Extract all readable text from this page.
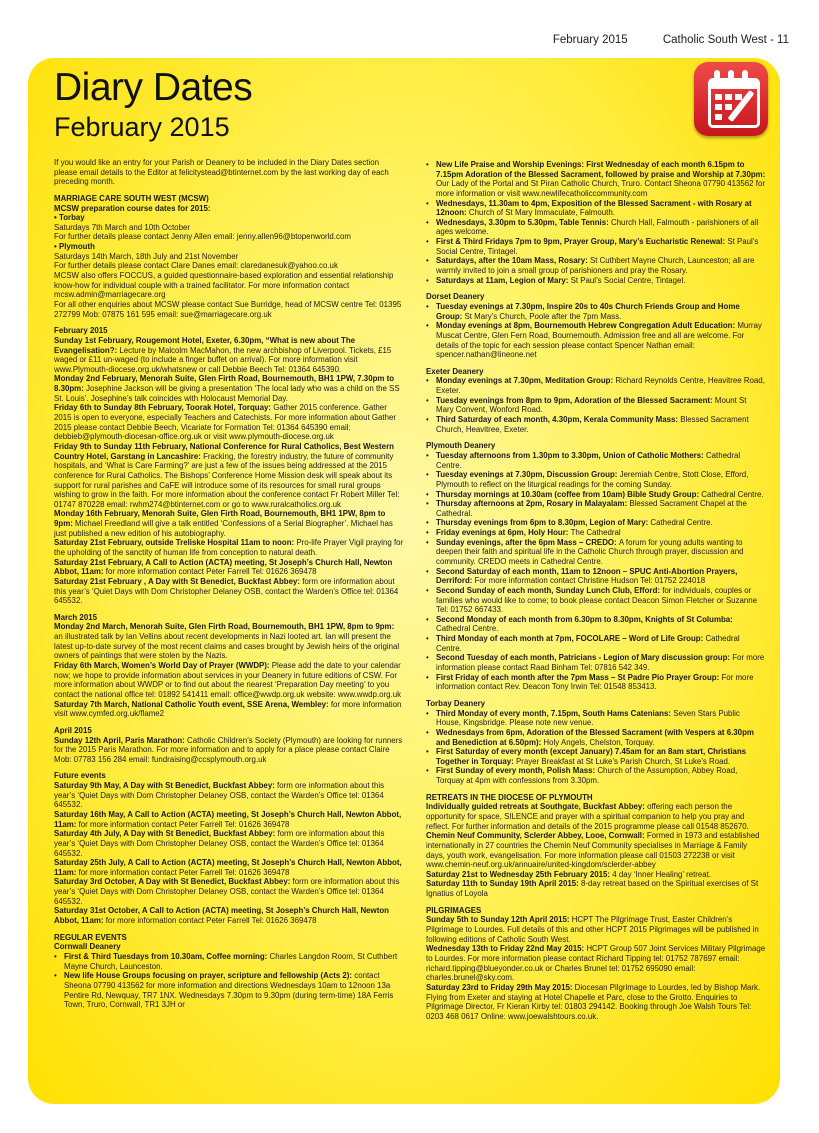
February 2015	Catholic South West - 11
Diary Dates
February 2015

If you would like an entry for your Parish or Deanery to be included in the Diary Dates section please email details to the Editor at felicitystead@btinternet.com by the last working day of each preceding month.

MARRIAGE CARE SOUTH WEST (MCSW)

MCSW preparation course dates for 2015:

• Torbay

Saturdays 7th March and 10th October

For further details please contact Jenny Allen email: jenny.allen96@btopenworld.com

• Plymouth

Saturdays 14th March, 18th July and 21st November

For further details please contact Clare Danes email: claredanesuk@yahoo.co.uk

MCSW also offers FOCCUS, a guided questionnaire-based exploration and essential relationship know-how for individual couple with a trained facilitator. For more information contact mcsw.admin@marriagecare.org

For all other enquiries about MCSW please contact Sue Burridge, head of MCSW centre Tel: 01395 272799 Mob: 07875 161 595 email: sue@marriagecare.org.uk

February 2015

Sunday 1st February, Rougemont Hotel, Exeter, 6.30pm, “What is new about The Evangelisation?: Lecture by Malcolm MacMahon, the new archbishop of Liverpool. Tickets, £15 waged or £11 un-waged (to include a finger buffet on arrival). For more information visit www.Plymouth-diocese.org.uk/whatsnew or call Debbie Beech Tel: 01364 645390.

Monday 2nd February, Menorah Suite, Glen Firth Road, Bournemouth, BH1 1PW, 7.30pm to 8.30pm: Josephine Jackson will be giving a presentation ‘The local lady who was a child on the SS St. Louis’. Josephine’s talk coincides with Holocaust Memorial Day.

Friday 6th to Sunday 8th February, Toorak Hotel, Torquay: Gather 2015 conference. Gather 2015 is open to everyone, especially Teachers and Catechists. For more information about Gather 2015 please contact Debbie Beech, Vicariate for Formation Tel: 01364 645390 email: debbieb@plymouth-diocesan-office.org.uk or visit www.plymouth-diocese.org.uk

Friday 9th to Sunday 11th February, National Conference for Rural Catholics, Best Western Country Hotel, Garstang in Lancashire: Fracking, the forestry industry, the future of community hospitals, and ‘What is Care Farming?’ are just a few of the issues being addressed at the 2015 conference for Rural Catholics. The Bishops’ Conference Home Mission desk will speak about its support for rural parishes and CaFE will introduce some of its resources for small rural groups wishing to grow in the faith. For more information about the conference contact Fr Robert Miller Tel: 01747 870228 email: rwhm274@btinternet.com or go to www.ruralcatholics.org.uk

Monday 16th February, Menorah Suite, Glen Firth Road, Bournemouth, BH1 1PW, 8pm to 9pm: Michael Freedland will give a talk entitled ‘Confessions of a Serial Biographer’. Michael has just published a new edition of his autobiography.

Saturday 21st February, outside Treliske Hospital 11am to noon: Pro-life Prayer Vigil praying for the upholding of the sanctity of human life from conception to natural death.

Saturday 21st February, A Call to Action (ACTA) meeting, St Joseph’s Church Hall, Newton Abbot, 11am: for more information contact Peter Farrell Tel: 01626 369478

Saturday 21st February , A Day with St Benedict, Buckfast Abbey: form ore information about this year’s ‘Quiet Days with Dom Christopher Delaney OSB, contact the Warden’s Office tel: 01364 645532.

March 2015

Monday 2nd March, Menorah Suite, Glen Firth Road, Bournemouth, BH1 1PW, 8pm to 9pm: an illustrated talk by Ian Vellins about recent developments in Nazi looted art. Ian will present the latest up-to-date survey of the most recent claims and cases brought by Jewish heirs of the original owners of paintings that were stolen by the Nazis.

Friday 6th March, Women’s World Day of Prayer (WWDP): Please add the date to your calendar now; we hope to provide information about services in your Deanery in future editions of CSW. For more information about WWDP or to find out about the nearest ‘Preparation Day meeting’ to you contact the national office tel: 01892 541411 email: office@wwdp.org.uk website: www.wwdp.org.uk

Saturday 7th March, National Catholic Youth event, SSE Arena, Wembley: for more information visit www.cymfed.org.uk/flame2

April 2015

Sunday 12th April, Paris Marathon: Catholic Children’s Society (Plymouth) are looking for runners for the 2015 Paris Marathon. For more information and to apply for a place please contact Claire Mob: 07783 156 284 email: fundraising@ccsplymouth.org.uk

Future events

Saturday 9th May, A Day with St Benedict, Buckfast Abbey: form ore information about this year’s ‘Quiet Days with Dom Christopher Delaney OSB, contact the Warden’s Office tel: 01364 645532.

Saturday 16th May, A Call to Action (ACTA) meeting, St Joseph’s Church Hall, Newton Abbot, 11am: for more information contact Peter Farrell Tel: 01626 369478

Saturday 4th July, A Day with St Benedict, Buckfast Abbey: form ore information about this year’s ‘Quiet Days with Dom Christopher Delaney OSB, contact the Warden’s Office tel: 01364 645532.

Saturday 25th July, A Call to Action (ACTA) meeting, St Joseph’s Church Hall, Newton Abbot, 11am: for more information contact Peter Farrell Tel: 01626 369478

Saturday 3rd October, A Day with St Benedict, Buckfast Abbey: form ore information about this year’s ‘Quiet Days with Dom Christopher Delaney OSB, contact the Warden’s Office tel: 01364 645532.

Saturday 31st October, A Call to Action (ACTA) meeting, St Joseph’s Church Hall, Newton Abbot, 11am: for more information contact Peter Farrell Tel: 01626 369478

REGULAR EVENTS

Cornwall Deanery

• First & Third Tuesdays from 10.30am, Coffee morning: Charles Langdon Room, St Cuthbert Mayne Church, Launceston.

• New life House Groups focusing on prayer, scripture and fellowship (Acts 2): contact Sheona 07790 413562 for more information and directions Wednesdays 10am to 12noon 13a Pentire Rd, Newquay, TR7 1NX. Wednesdays 7.30pm to 9.30pm (during term-time) 18A Ferris Town, Truro, Cornwall, TR1 3JH or

• New Life Praise and Worship Evenings: First Wednesday of each month 6.15pm to 7.15pm Adoration of the Blessed Sacrament, followed by praise and Worship at 7.30pm: Our Lady of the Portal and St Piran Catholic Church, Truro. Contact Sheona 07790 413562 for more information or visit www.newlifecatholiccommunity.com

• Wednesdays, 11.30am to 4pm, Exposition of the Blessed Sacrament - with Rosary at 12noon: Church of St Mary Immaculate, Falmouth.

• Wednesdays, 3.30pm to 5.30pm, Table Tennis: Church Hall, Falmouth - parishioners of all ages welcome.

• First & Third Fridays 7pm to 9pm, Prayer Group, Mary’s Eucharistic Renewal: St Paul’s Social Centre, Tintagel.

• Saturdays, after the 10am Mass, Rosary: St Cuthbert Mayne Church, Launceston; all are warmly invited to join a small group of parishioners and pray the Rosary.

• Saturdays at 11am, Legion of Mary: St Paul’s Social Centre, Tintagel.

Dorset Deanery

• Tuesday evenings at 7.30pm, Inspire 20s to 40s Church Friends Group and Home Group: St Mary’s Church, Poole after the 7pm Mass.

• Monday evenings at 8pm, Bournemouth Hebrew Congregation Adult Education: Murray Muscat Centre, Glen Fern Road, Bournemouth. Admission free and all are welcome. For details of the topic for each session please contact Spencer Nathan email: spencer.nathan@lineone.net

Exeter Deanery

• Monday evenings at 7.30pm, Meditation Group: Richard Reynolds Centre, Heavitree Road, Exeter.

• Tuesday evenings from 8pm to 9pm, Adoration of the Blessed Sacrament: Mount St Mary Convent, Wonford Road.

• Third Saturday of each month, 4.30pm, Kerala Community Mass: Blessed Sacrament Church, Heavitree, Exeter.

Plymouth Deanery

• Tuesday afternoons from 1.30pm to 3.30pm, Union of Catholic Mothers: Cathedral Centre.

• Tuesday evenings at 7.30pm, Discussion Group: Jeremiah Centre, Stott Close, Efford, Plymouth to reflect on the liturgical readings for the coming Sunday.

• Thursday mornings at 10.30am (coffee from 10am) Bible Study Group: Cathedral Centre.

• Thursday afternoons at 2pm, Rosary in Malayalam: Blessed Sacrament Chapel at the Cathedral.

• Thursday evenings from 6pm to 8.30pm, Legion of Mary: Cathedral Centre.

• Friday evenings at 6pm, Holy Hour: The Cathedral

• Sunday evenings, after the 6pm Mass – CREDO: A forum for young adults wanting to deepen their faith and spiritual life in the Catholic Church through prayer, discussion and community. CREDO meets in Cathedral Centre.

• Second Saturday of each month, 11am to 12noon – SPUC Anti-Abortion Prayers, Derriford: For more information contact Christine Hudson Tel: 01752 224018

• Second Sunday of each month, Sunday Lunch Club, Efford: for individuals, couples or families who would like to come; to book please contact Deacon Simon Fletcher or Suzanne Tel: 01752 667433.

• Second Monday of each month from 6.30pm to 8.30pm, Knights of St Columba: Cathedral Centre.

• Third Monday of each month at 7pm, FOCOLARE – Word of Life Group: Cathedral Centre.

• Second Tuesday of each month, Patricians - Legion of Mary discussion group: For more information please contact Raad Binham Tel: 07816 542 349.

• First Friday of each month after the 7pm Mass – St Padre Pio Prayer Group: For more information contact Rev. Deacon Tony Irwin Tel: 01548 853413.

Torbay Deanery

• Third Monday of every month, 7.15pm, South Hams Catenians: Seven Stars Public House, Kingsbridge. Please note new venue.

• Wednesdays from 6pm, Adoration of the Blessed Sacrament (with Vespers at 6.30pm and Benediction at 6.50pm): Holy Angels, Chelston, Torquay.

• First Saturday of every month (except January) 7.45am for an 8am start, Christians Together in Torquay: Prayer Breakfast at St Luke’s Parish Church, St Luke’s Road.

• First Sunday of every month, Polish Mass: Church of the Assumption, Abbey Road, Torquay at 4pm with confessions from 3.30pm.

RETREATS IN THE DIOCESE OF PLYMOUTH

Individually guided retreats at Southgate, Buckfast Abbey: offering each person the opportunity for space, SILENCE and prayer with a spiritual companion to help you pray and reflect. For further information and details of the 2015 programme please call 01548 852670.

Chemin Neuf Community, Sclerder Abbey, Looe, Cornwall: Formed in 1973 and established internationally in 27 countries the Chemin Neuf Community specialises in Marriage & Family days, youth work, evangelisation. For more information please call 01503 272238 or visit www.chemin-neuf.org.uk/annuaire/united-kingdom/sclerder-abbey

Saturday 21st to Wednesday 25th February 2015: 4 day ‘Inner Healing’ retreat.

Saturday 11th to Sunday 19th April 2015: 8-day retreat based on the Spiritual exercises of St Ignatius of Loyola

PILGRIMAGES

Sunday 5th to Sunday 12th April 2015: HCPT The Pilgrimage Trust, Easter Children’s Pilgrimage to Lourdes. Full details of this and other HCPT 2015 Pilgrimages will be published in following editions of Catholic South West.

Wednesday 13th to Friday 22nd May 2015: HCPT Group 507 Joint Services Military Pilgrimage to Lourdes. For more information please contact Richard Tipping tel: 01752 787697 email: richard.tipping@blueyonder.co.uk or Charles Brunel tel: 01752 695090 email: charles.brunel@sky.com.

Saturday 23rd to Friday 29th May 2015: Diocesan Pilgrimage to Lourdes, led by Bishop Mark. Flying from Exeter and staying at Hotel Chapelle et Parc, close to the Grotto. Enquiries to Pilgrimage Director, Fr Kieran Kirby tel: 01803 294142. Booking through Joe Walsh Tours Tel: 0203 468 0617 Online: www.joewalshtours.co.uk.
